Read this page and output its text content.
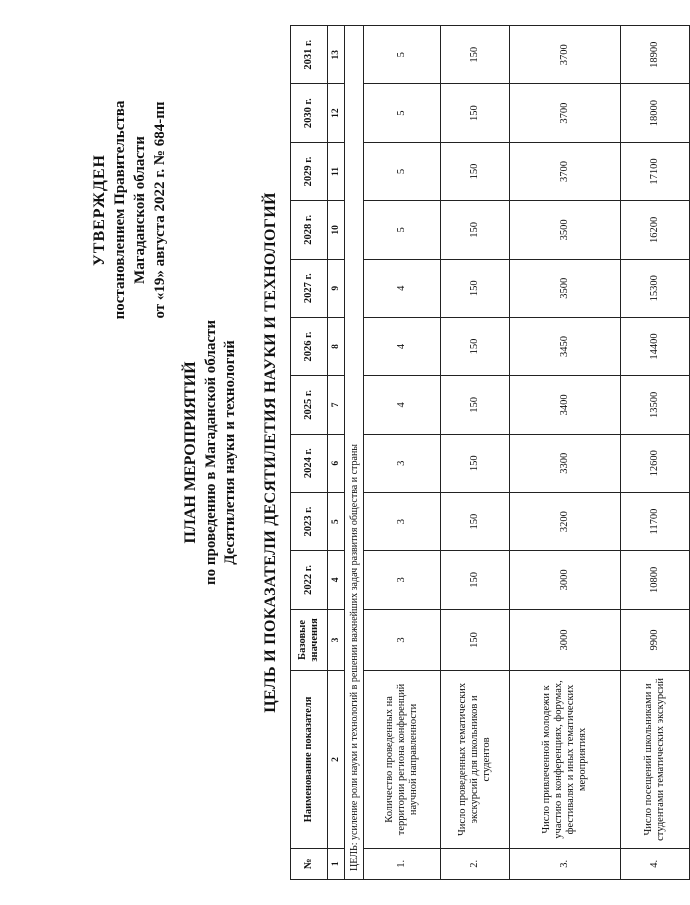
УТВЕРЖДЕН постановлением Правительства Магаданской области от «19» августа 2022 г. № 684-пп
ПЛАН МЕРОПРИЯТИЙ по проведению в Магаданской области Десятилетия науки и технологий ЦЕЛЬ И ПОКАЗАТЕЛИ ДЕСЯТИЛЕТИЯ НАУКИ И ТЕХНОЛОГИЙ
№	Наименование показателя	Базовые значения	2022 г.	2023 г.	2024 г.	2025 г.	2026 г.	2027 г.	2028 г.	2029 г.	2030 г.	2031 г.
1	2	3	4	5	6	7	8	9	10	11	12	13
ЦЕЛЬ: усиление роли науки и технологий в решении важнейших задач развития общества и страны												
1.	Количество проведенных на территории региона конференций научной направленности	3	3	3	3	4	4	4	5	5	5	5
2.	Число проведенных тематических экскурсий для школьников и студентов	150	150	150	150	150	150	150	150	150	150	150
3.	Число привлеченной молодежи к участию в конференциях, форумах, фестивалях и иных тематических мероприятиях	3000	3000	3200	3300	3400	3450	3500	3500	3700	3700	3700
4.	Число посещений школьниками и студентами тематических экскурсий	9900	10800	11700	12600	13500	14400	15300	16200	17100	18000	18900
